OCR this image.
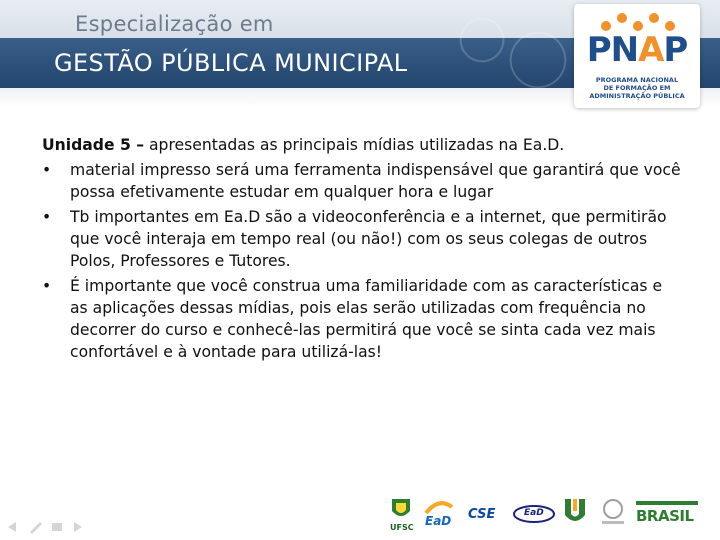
Especialização em
GESTÃO PÚBLICA MUNICIPAL	PNAP
PROGRAMA NACIONAL
DE FORMAÇÃO EM
ADMINISTRAÇÃO PÚBLICA
Unidade 5 – apresentadas as principais mídias utilizadas na Ea.D.
• material impresso será uma ferramenta indispensável que garantirá que você possa efetivamente estudar em qualquer hora e lugar
• Tb importantes em Ea.D são a videoconferência e a internet, que permitirão que você interaja em tempo real (ou não!) com os seus colegas de outros Polos, Professores e Tutores.
• É importante que você construa uma familiaridade com as características e as aplicações dessas mídias, pois elas serão utilizadas com frequência no decorrer do curso e conhecê-las permitirá que você se sinta cada vez mais confortável e à vontade para utilizá-las!
UFSC EaD CSE	EaD	BRASIL
